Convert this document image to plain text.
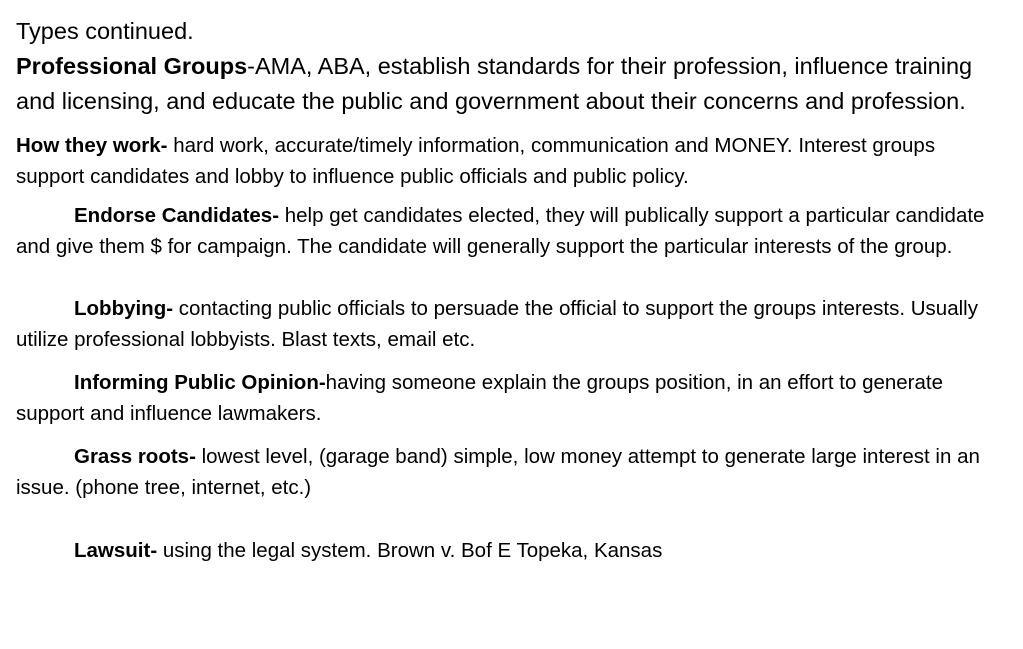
Types continued.

Professional Groups-AMA, ABA, establish standards for their profession, influence training and licensing, and educate the public and government about their concerns and profession.

How they work- hard work, accurate/timely information, communication and MONEY. Interest groups support candidates and lobby to influence public officials and public policy.

Endorse Candidates- help get candidates elected, they will publically support a particular candidate and give them $ for campaign. The candidate will generally support the particular interests of the group.

Lobbying- contacting public officials to persuade the official to support the groups interests. Usually utilize professional lobbyists. Blast texts, email etc.

Informing Public Opinion-having someone explain the groups position, in an effort to generate support and influence lawmakers.

Grass roots- lowest level, (garage band) simple, low money attempt to generate large interest in an issue. (phone tree, internet, etc.)

Lawsuit- using the legal system. Brown v. Bof E Topeka, Kansas
